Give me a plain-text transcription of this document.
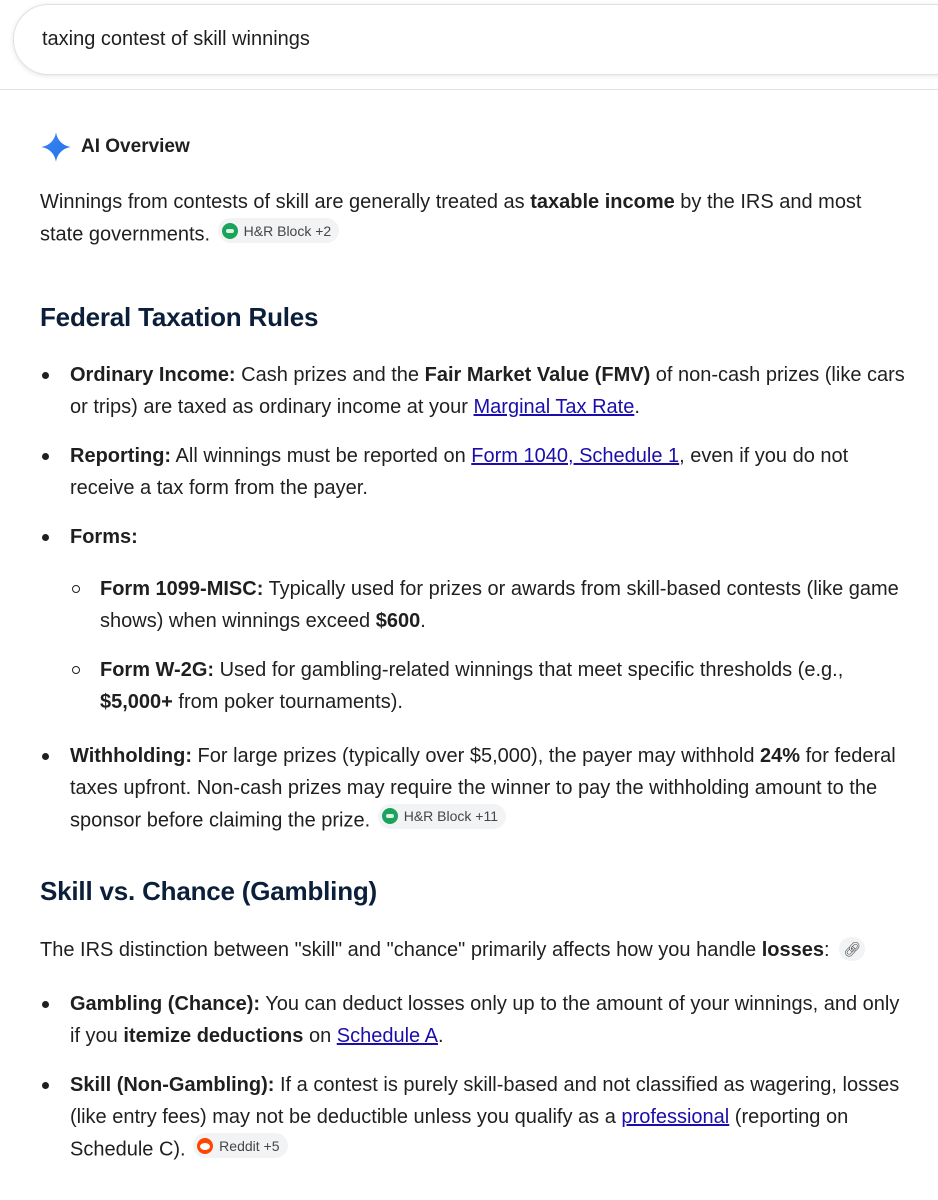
taxing contest of skill winnings
AI Overview

Winnings from contests of skill are generally treated as taxable income by the IRS and most state governments. H&R Block +2

Federal Taxation Rules
Ordinary Income: Cash prizes and the Fair Market Value (FMV) of non-cash prizes (like cars or trips) are taxed as ordinary income at your Marginal Tax Rate.
Reporting: All winnings must be reported on Form 1040, Schedule 1, even if you do not receive a tax form from the payer.
Forms:
Form 1099-MISC: Typically used for prizes or awards from skill-based contests (like game shows) when winnings exceed $600.
Form W-2G: Used for gambling-related winnings that meet specific thresholds (e.g., $5,000+ from poker tournaments).
Withholding: For large prizes (typically over $5,000), the payer may withhold 24% for federal taxes upfront. Non-cash prizes may require the winner to pay the withholding amount to the sponsor before claiming the prize. H&R Block +11
Skill vs. Chance (Gambling)

The IRS distinction between "skill" and "chance" primarily affects how you handle losses: 🔗︎

Gambling (Chance): You can deduct losses only up to the amount of your winnings, and only if you itemize deductions on Schedule A.
Skill (Non-Gambling): If a contest is purely skill-based and not classified as wagering, losses (like entry fees) may not be deductible unless you qualify as a professional (reporting on Schedule C). Reddit +5
